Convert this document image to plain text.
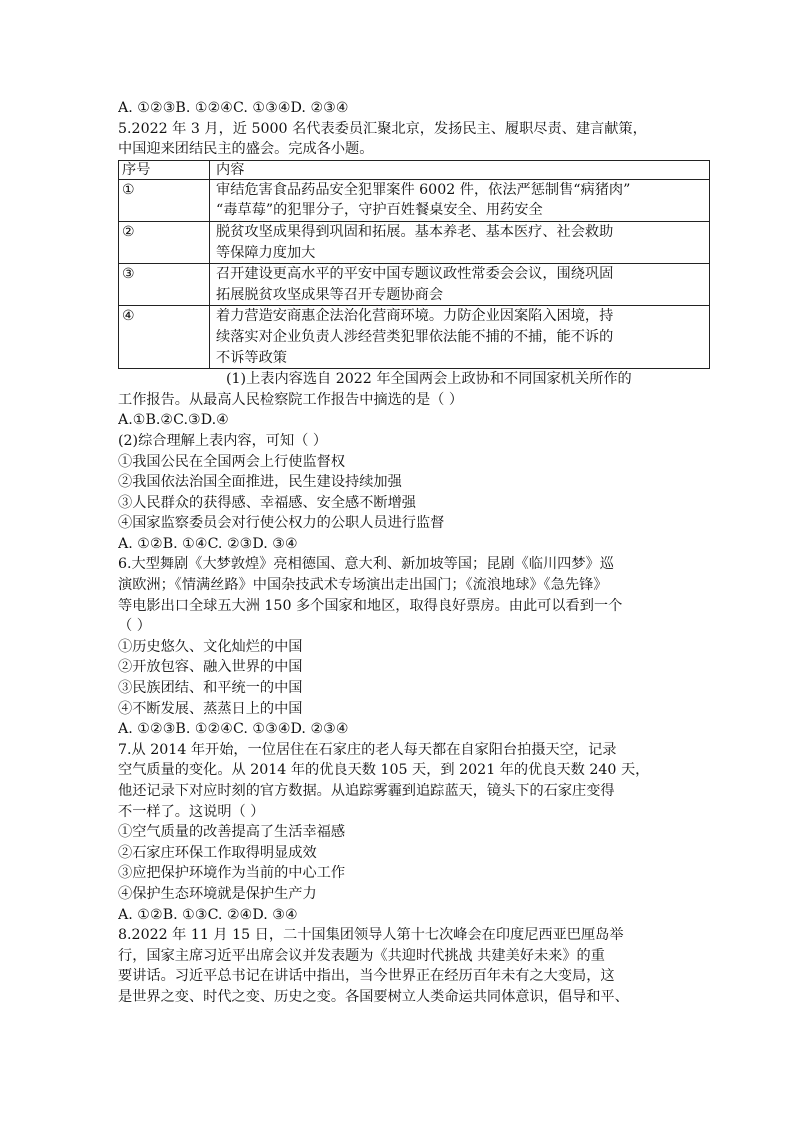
A. ①②③B. ①②④C. ①③④D. ②③④
5.2022 年 3 月，近 5000 名代表委员汇聚北京，发扬民主、履职尽责、建言献策，
中国迎来团结民主的盛会。完成各小题。
序号	内容
①	审结危害食品药品安全犯罪案件 6002 件，依法严惩制售“病猪肉”
“毒草莓”的犯罪分子，守护百姓餐桌安全、用药安全

②	脱贫攻坚成果得到巩固和拓展。基本养老、基本医疗、社会救助
等保障力度加大

③	召开建设更高水平的平安中国专题议政性常委会会议，围绕巩固
拓展脱贫攻坚成果等召开专题协商会

④	着力营造安商惠企法治化营商环境。力防企业因案陷入困境，持
续落实对企业负责人涉经营类犯罪依法能不捕的不捕，能不诉的
不诉等政策
(1)上表内容选自 2022 年全国两会上政协和不同国家机关所作的
工作报告。从最高人民检察院工作报告中摘选的是（ ）
A.①B.②C.③D.④
(2)综合理解上表内容，可知（ ）
①我国公民在全国两会上行使监督权
②我国依法治国全面推进，民生建设持续加强
③人民群众的获得感、幸福感、安全感不断增强
④国家监察委员会对行使公权力的公职人员进行监督
A. ①②B. ①④C. ②③D. ③④
6.大型舞剧《大梦敦煌》亮相德国、意大利、新加坡等国；昆剧《临川四梦》巡
演欧洲；《情满丝路》中国杂技武术专场演出走出国门；《流浪地球》《急先锋》
等电影出口全球五大洲 150 多个国家和地区，取得良好票房。由此可以看到一个
（ ）
①历史悠久、文化灿烂的中国
②开放包容、融入世界的中国
③民族团结、和平统一的中国
④不断发展、蒸蒸日上的中国
A. ①②③B. ①②④C. ①③④D. ②③④
7.从 2014 年开始，一位居住在石家庄的老人每天都在自家阳台拍摄天空，记录
空气质量的变化。从 2014 年的优良天数 105 天，到 2021 年的优良天数 240 天，
他还记录下对应时刻的官方数据。从追踪雾霾到追踪蓝天，镜头下的石家庄变得
不一样了。这说明（ ）
①空气质量的改善提高了生活幸福感
②石家庄环保工作取得明显成效
③应把保护环境作为当前的中心工作
④保护生态环境就是保护生产力
A. ①②B. ①③C. ②④D. ③④
8.2022 年 11 月 15 日，二十国集团领导人第十七次峰会在印度尼西亚巴厘岛举
行，国家主席习近平出席会议并发表题为《共迎时代挑战 共建美好未来》的重
要讲话。习近平总书记在讲话中指出，当今世界正在经历百年未有之大变局，这
是世界之变、时代之变、历史之变。各国要树立人类命运共同体意识，倡导和平、
